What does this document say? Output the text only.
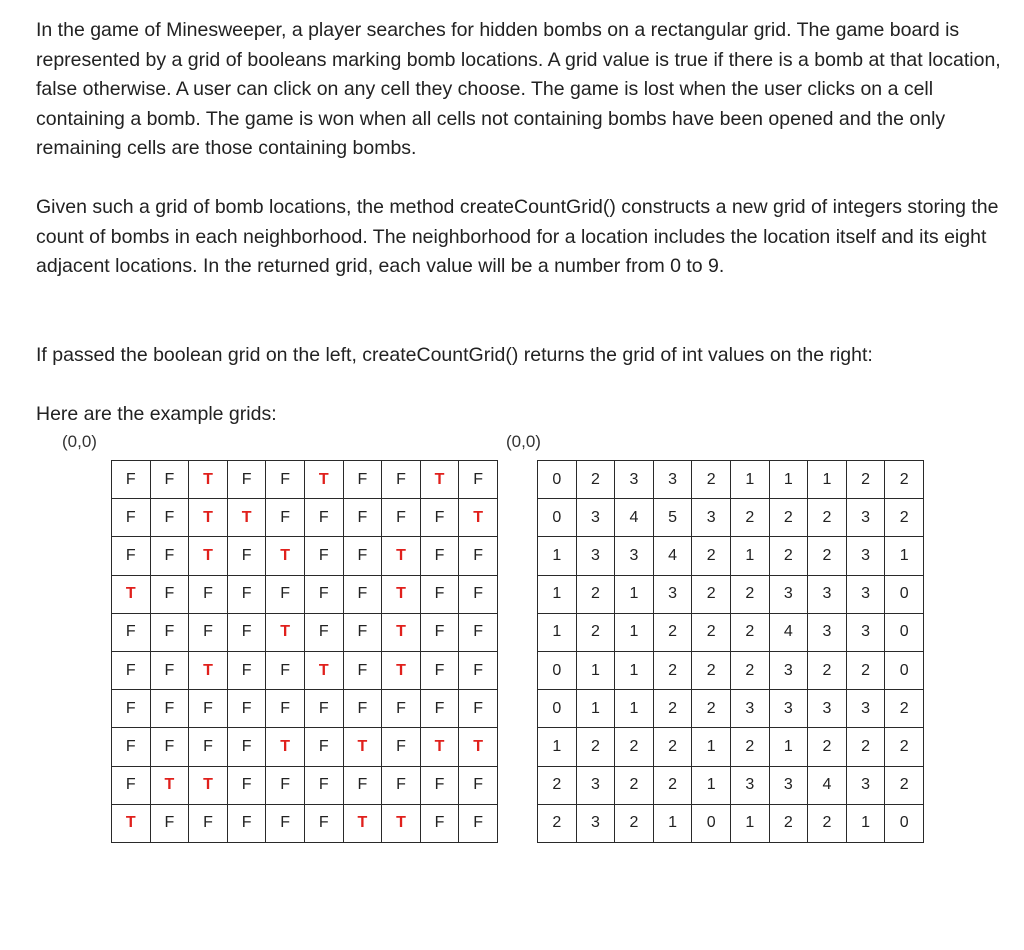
In the game of Minesweeper, a player searches for hidden bombs on a rectangular grid. The game board is represented by a grid of booleans marking bomb locations. A grid value is true if there is a bomb at that location, false otherwise. A user can click on any cell they choose. The game is lost when the user clicks on a cell containing a bomb. The game is won when all cells not containing bombs have been opened and the only remaining cells are those containing bombs.

Given such a grid of bomb locations, the method createCountGrid() constructs a new grid of integers storing the count of bombs in each neighborhood. The neighborhood for a location includes the location itself and its eight adjacent locations. In the returned grid, each value will be a number from 0 to 9.

If passed the boolean grid on the left, createCountGrid() returns the grid of int values on the right:

Here are the example grids:

(0,0)	(0,0)
F	F	T	F	F	T	F	F	T	F
F	F	T	T	F	F	F	F	F	T
F	F	T	F	T	F	F	T	F	F
T	F	F	F	F	F	F	T	F	F
F	F	F	F	T	F	F	T	F	F
F	F	T	F	F	T	F	T	F	F
F	F	F	F	F	F	F	F	F	F
F	F	F	F	T	F	T	F	T	T
F	T	T	F	F	F	F	F	F	F
T	F	F	F	F	F	T	T	F	F
0	2	3	3	2	1	1	1	2	2
0	3	4	5	3	2	2	2	3	2
1	3	3	4	2	1	2	2	3	1
1	2	1	3	2	2	3	3	3	0
1	2	1	2	2	2	4	3	3	0
0	1	1	2	2	2	3	2	2	0
0	1	1	2	2	3	3	3	3	2
1	2	2	2	1	2	1	2	2	2
2	3	2	2	1	3	3	4	3	2
2	3	2	1	0	1	2	2	1	0
